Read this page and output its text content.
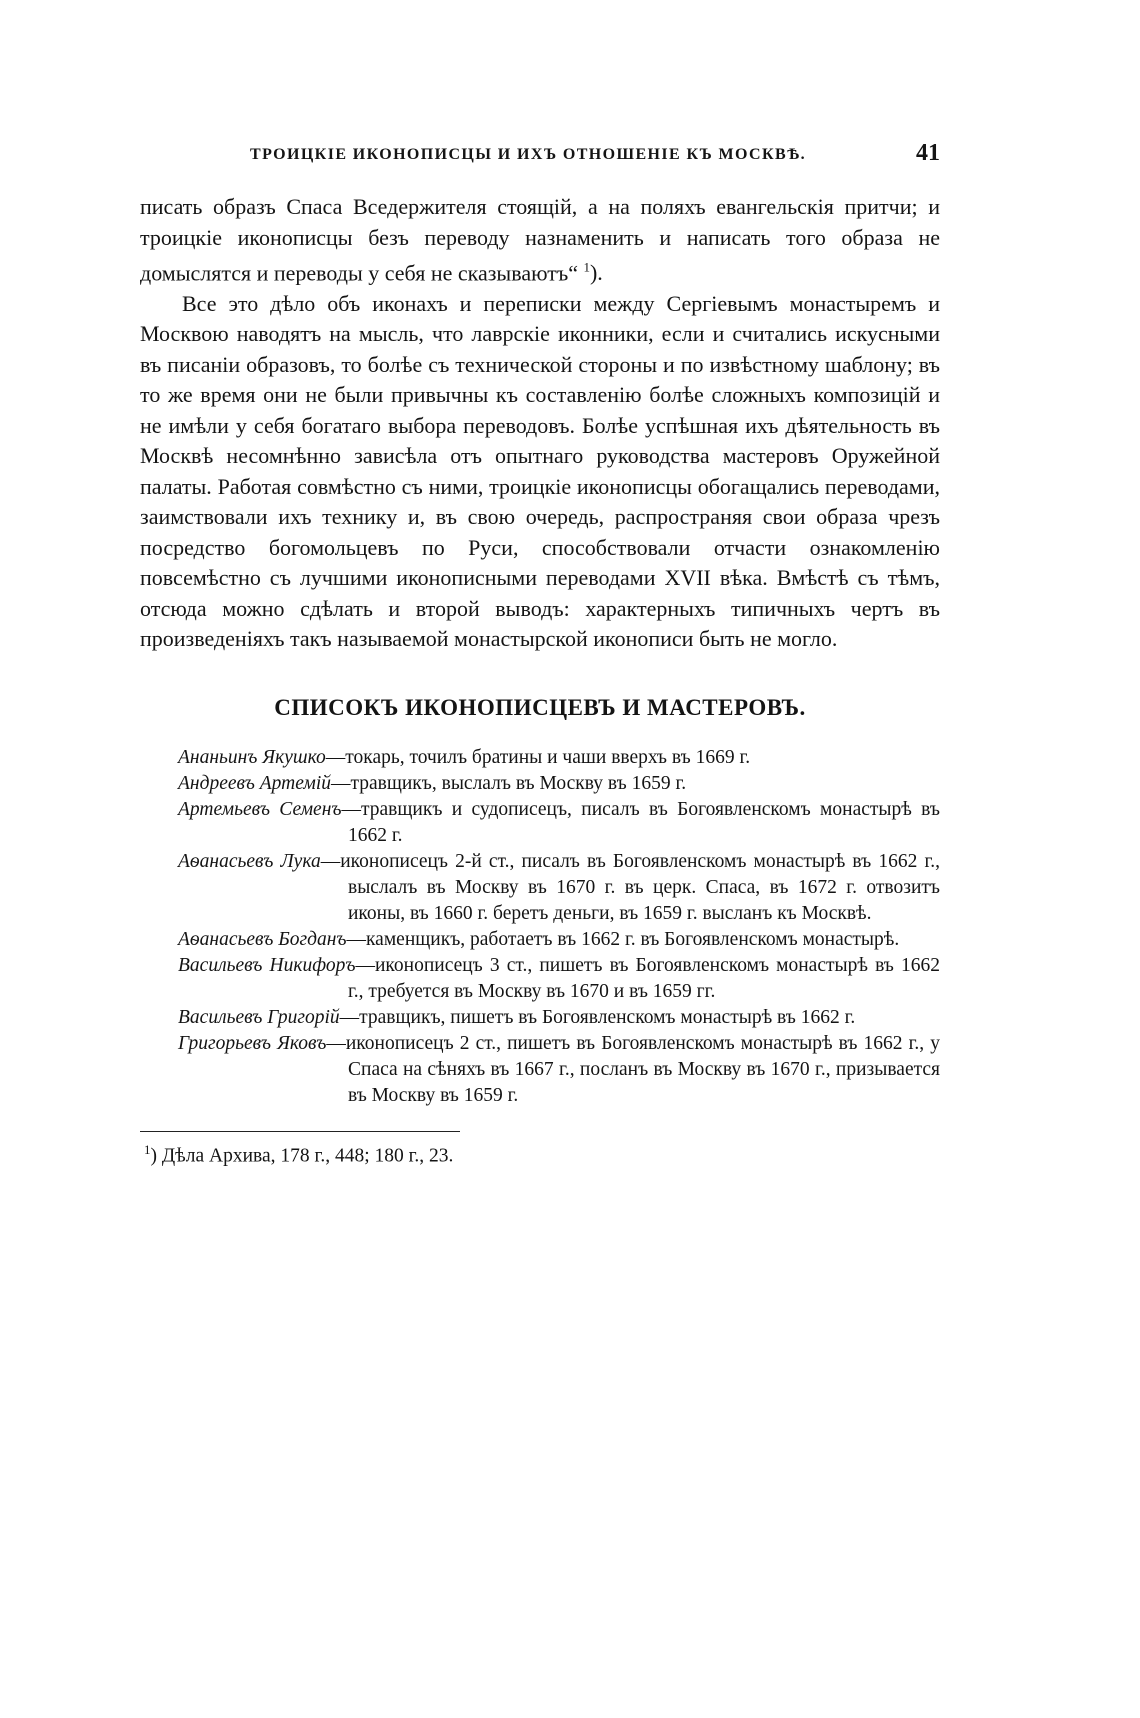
ТРОИЦКІЕ ИКОНОПИСЦЫ И ИХЪ ОТНОШЕНІЕ КЪ МОСКВѢ.	41

писать образъ Спаса Вседержителя стоящій, а на поляхъ евангельскія притчи; и троицкіе иконописцы безъ переводу назнаменить и написать того образа не домыслятся и переводы у себя не сказываютъ“ $^1$).

Все это дѣло объ иконахъ и переписки между Сергіевымъ монастыремъ и Москвою наводятъ на мысль, что лаврскіе иконники, если и считались искусными въ писаніи образовъ, то болѣе съ технической стороны и по извѣстному шаблону; въ то же время они не были привычны къ составленію болѣе сложныхъ композицій и не имѣли у себя богатаго выбора переводовъ. Болѣе успѣшная ихъ дѣятельность въ Москвѣ несомнѣнно зависѣла отъ опытнаго руководства мастеровъ Оружейной палаты. Работая совмѣстно съ ними, троицкіе иконописцы обогащались переводами, заимствовали ихъ технику и, въ свою очередь, распространяя свои образа чрезъ посредство богомольцевъ по Руси, способствовали отчасти ознакомленію повсемѣстно съ лучшими иконописными переводами XVII вѣка. Вмѣстѣ съ тѣмъ, отсюда можно сдѣлать и второй выводъ: характерныхъ типичныхъ чертъ въ произведеніяхъ такъ называемой монастырской иконописи быть не могло.

СПИСОКЪ ИКОНОПИСЦЕВЪ И МАСТЕРОВЪ.

Ананьинъ Якушко—токарь, точилъ братины и чаши вверхъ въ 1669 г.

Андреевъ Артемій—травщикъ, выслалъ въ Москву въ 1659 г.

Артемьевъ Семенъ—травщикъ и судописецъ, писалъ въ Богоявленскомъ монастырѣ въ 1662 г.

Аѳанасьевъ Лука—иконописецъ 2-й ст., писалъ въ Богоявленскомъ монастырѣ въ 1662 г., выслалъ въ Москву въ 1670 г. въ церк. Спаса, въ 1672 г. отвозитъ иконы, въ 1660 г. беретъ деньги, въ 1659 г. высланъ къ Москвѣ.

Аѳанасьевъ Богданъ—каменщикъ, работаетъ въ 1662 г. въ Богоявленскомъ монастырѣ.

Васильевъ Никифоръ—иконописецъ 3 ст., пишетъ въ Богоявленскомъ монастырѣ въ 1662 г., требуется въ Москву въ 1670 и въ 1659 гг.

Васильевъ Григорій—травщикъ, пишетъ въ Богоявленскомъ монастырѣ въ 1662 г.

Григорьевъ Яковъ—иконописецъ 2 ст., пишетъ въ Богоявленскомъ монастырѣ въ 1662 г., у Спаса на сѣняхъ въ 1667 г., посланъ въ Москву въ 1670 г., призывается въ Москву въ 1659 г.

$^1$) Дѣла Архива, 178 г., 448; 180 г., 23.
